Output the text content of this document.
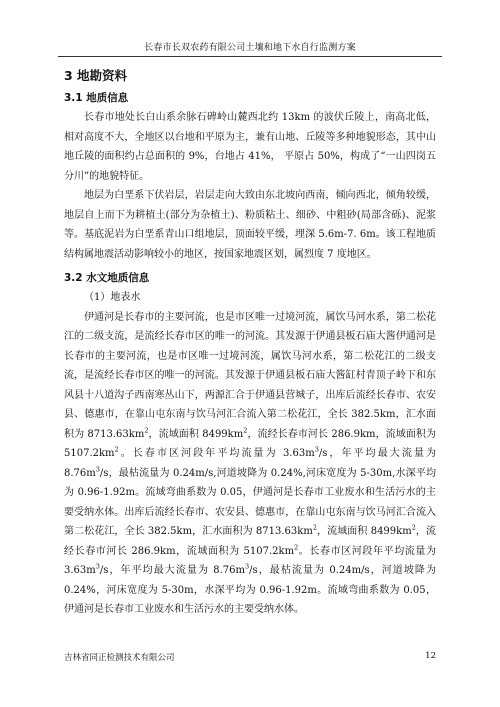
长春市长双农药有限公司土壤和地下水自行监测方案
3 地勘资料
3.1 地质信息

长春市地处长白山系余脉石碑岭山麓西北约 13km 的波伏丘陵上，南高北低，相对高度不大，全地区以台地和平原为主，兼有山地、丘陵等多种地貌形态，其中山地丘陵的面积约占总面积的 9%，台地占 41%， 平原占 50%，构成了“一山四岗五分川”的地貌特征。

地层为白垩系下伏岩层，岩层走向大致由东北坡向西南，倾向西北，倾角较缓，地层自上而下为耕植土(部分为杂植土)、粉质粘土、细砂、中粗砂(局部含砾)、泥浆等。基底泥岩为白垩系青山口组地层，顶面较平缓，埋深 5.6m-7. 6m。该工程地质结构属地震活动影响较小的地区，按国家地震区划，属烈度 7 度地区。

3.2 水文地质信息

（1）地表水

伊通河是长春市的主要河流，也是市区唯一过境河流，属饮马河水系，第二松花江的二级支流，是流经长春市区的唯一的河流。其发源于伊通县板石庙大酱伊通河是长春市的主要河流，也是市区唯一过境河流，属饮马河水系，第二松花江的二级支流，是流经长春市区的唯一的河流。其发源于伊通县板石庙大酱缸村青顶子岭下和东风县十八道沟子西南寒丛山下，两源汇合于伊通县营城子，出库后流经长春市、农安县、德惠市，在靠山屯东南与饮马河汇合流入第二松花江，全长 382.5km，汇水面积为 $8713.63km^2$，流域面积 $8499km^2$，流经长春市河长 286.9km，流域面积为 $5107.2km^2$。长春市区河段年平均流量为 $3.63m^3/s$，年平均最大流量为 $8.76m^3/s$，最枯流量为 0.24m/s,河道坡降为 0.24%,河床宽度为 5-30m,水深平均为 0.96-1.92m。流域弯曲系数为 0.05，伊通河是长春市工业废水和生活污水的主要受纳水体。出库后流经长春市、农安县、德惠市，在靠山屯东南与饮马河汇合流入第二松花江，全长 382.5km，汇水面积为 $8713.63km^2$，流域面积 $8499km^2$，流经长春市河长 286.9km，流域面积为 $5107.2km^2$。长春市区河段年平均流量为 $3.63m^3/s$，年平均最大流量为 $8.76m^3/s$，最枯流量为 0.24m/s，河道坡降为 0.24%，河床宽度为 5-30m，水深平均为 0.96-1.92m。流域弯曲系数为 0.05，伊通河是长春市工业废水和生活污水的主要受纳水体。

吉林省同正检测技术有限公司	12
